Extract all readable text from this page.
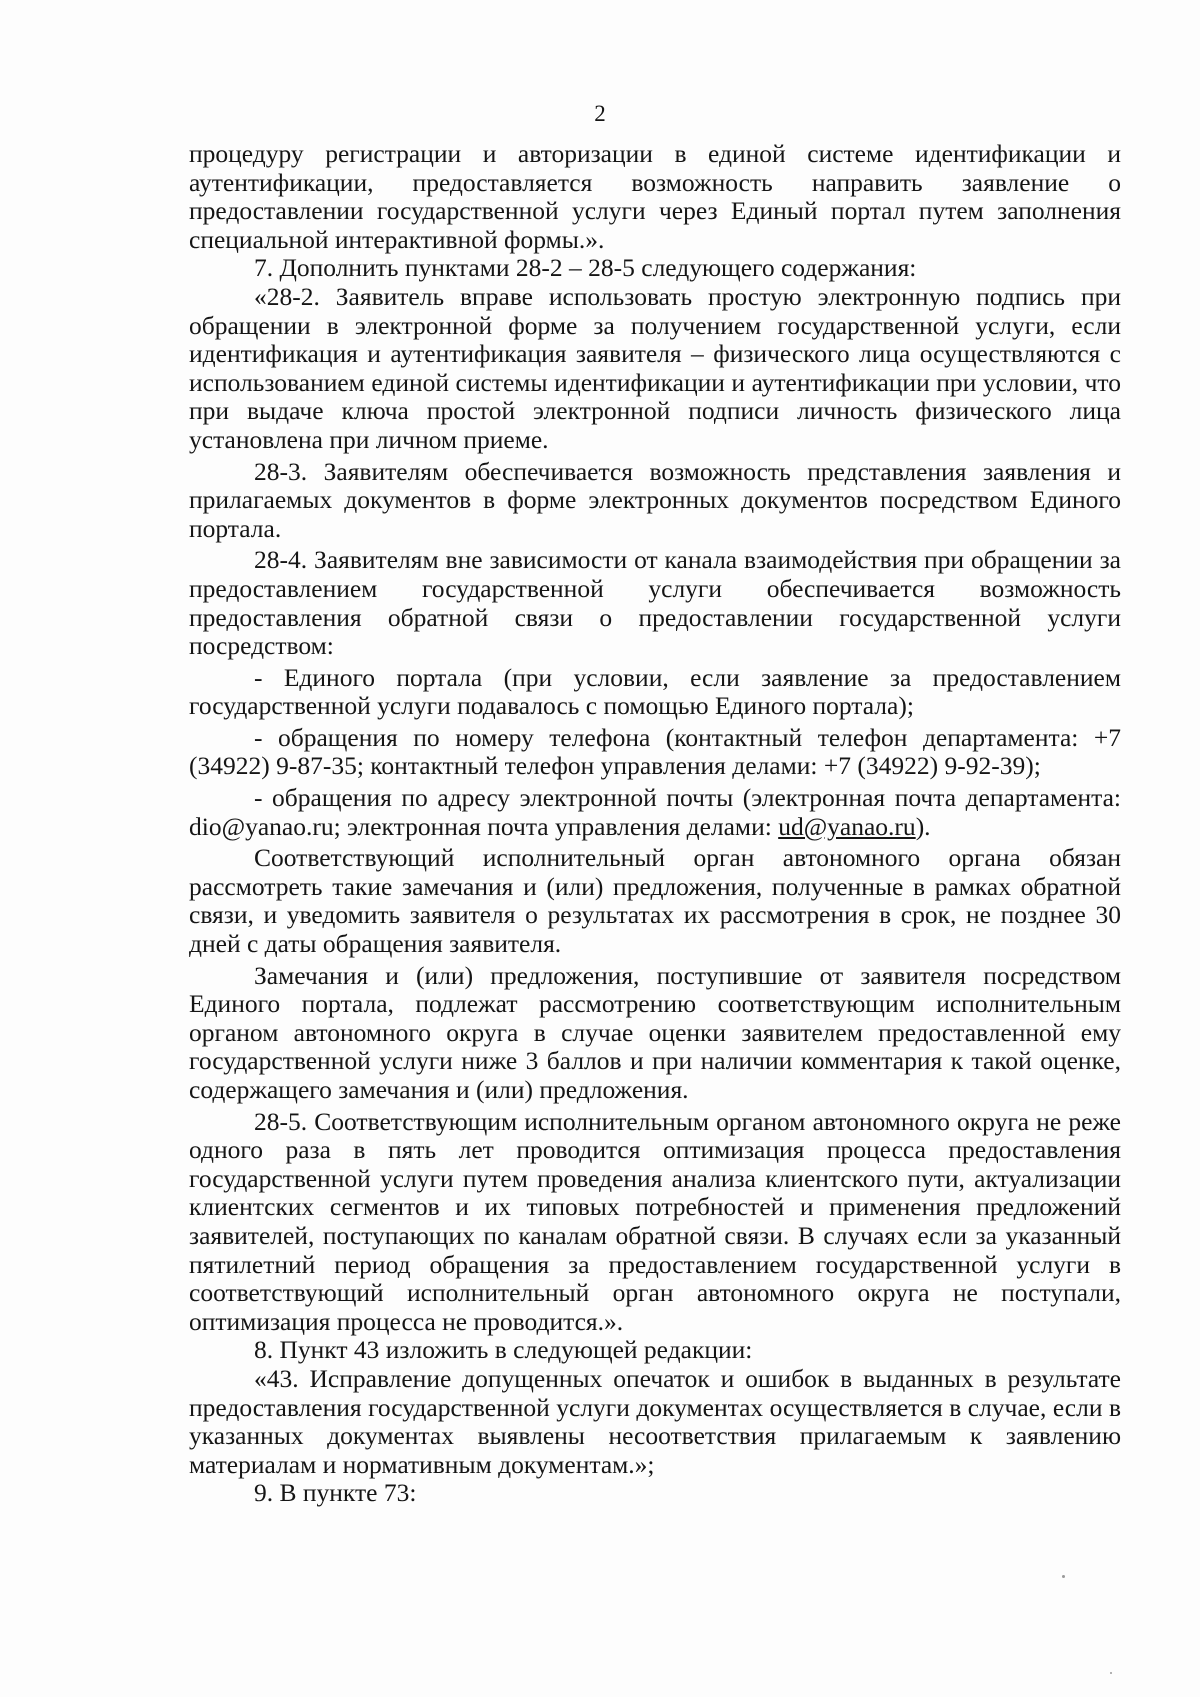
2

процедуру регистрации и авторизации в единой системе идентификации и аутентификации, предоставляется возможность направить заявление о предоставлении государственной услуги через Единый портал путем заполнения специальной интерактивной формы.».

7. Дополнить пунктами 28-2 – 28-5 следующего содержания:

«28-2. Заявитель вправе использовать простую электронную подпись при обращении в электронной форме за получением государственной услуги, если идентификация и аутентификация заявителя – физического лица осуществляются с использованием единой системы идентификации и аутентификации при условии, что при выдаче ключа простой электронной подписи личность физического лица установлена при личном приеме.

28-3. Заявителям обеспечивается возможность представления заявления и прилагаемых документов в форме электронных документов посредством Единого портала.

28-4. Заявителям вне зависимости от канала взаимодействия при обращении за предоставлением государственной услуги обеспечивается возможность предоставления обратной связи о предоставлении государственной услуги посредством:

- Единого портала (при условии, если заявление за предоставлением государственной услуги подавалось с помощью Единого портала);

- обращения по номеру телефона (контактный телефон департамента: +7 (34922) 9-87-35; контактный телефон управления делами: +7 (34922) 9-92-39);

- обращения по адресу электронной почты (электронная почта департамента: dio@yanao.ru; электронная почта управления делами: ud@yanao.ru).

Соответствующий исполнительный орган автономного органа обязан рассмотреть такие замечания и (или) предложения, полученные в рамках обратной связи, и уведомить заявителя о результатах их рассмотрения в срок, не позднее 30 дней с даты обращения заявителя.

Замечания и (или) предложения, поступившие от заявителя посредством Единого портала, подлежат рассмотрению соответствующим исполнительным органом автономного округа в случае оценки заявителем предоставленной ему государственной услуги ниже 3 баллов и при наличии комментария к такой оценке, содержащего замечания и (или) предложения.

28-5. Соответствующим исполнительным органом автономного округа не реже одного раза в пять лет проводится оптимизация процесса предоставления государственной услуги путем проведения анализа клиентского пути, актуализации клиентских сегментов и их типовых потребностей и применения предложений заявителей, поступающих по каналам обратной связи. В случаях если за указанный пятилетний период обращения за предоставлением государственной услуги в соответствующий исполнительный орган автономного округа не поступали, оптимизация процесса не проводится.».

8. Пункт 43 изложить в следующей редакции:

«43. Исправление допущенных опечаток и ошибок в выданных в результате предоставления государственной услуги документах осуществляется в случае, если в указанных документах выявлены несоответствия прилагаемым к заявлению материалам и нормативным документам.»;

9. В пункте 73:
